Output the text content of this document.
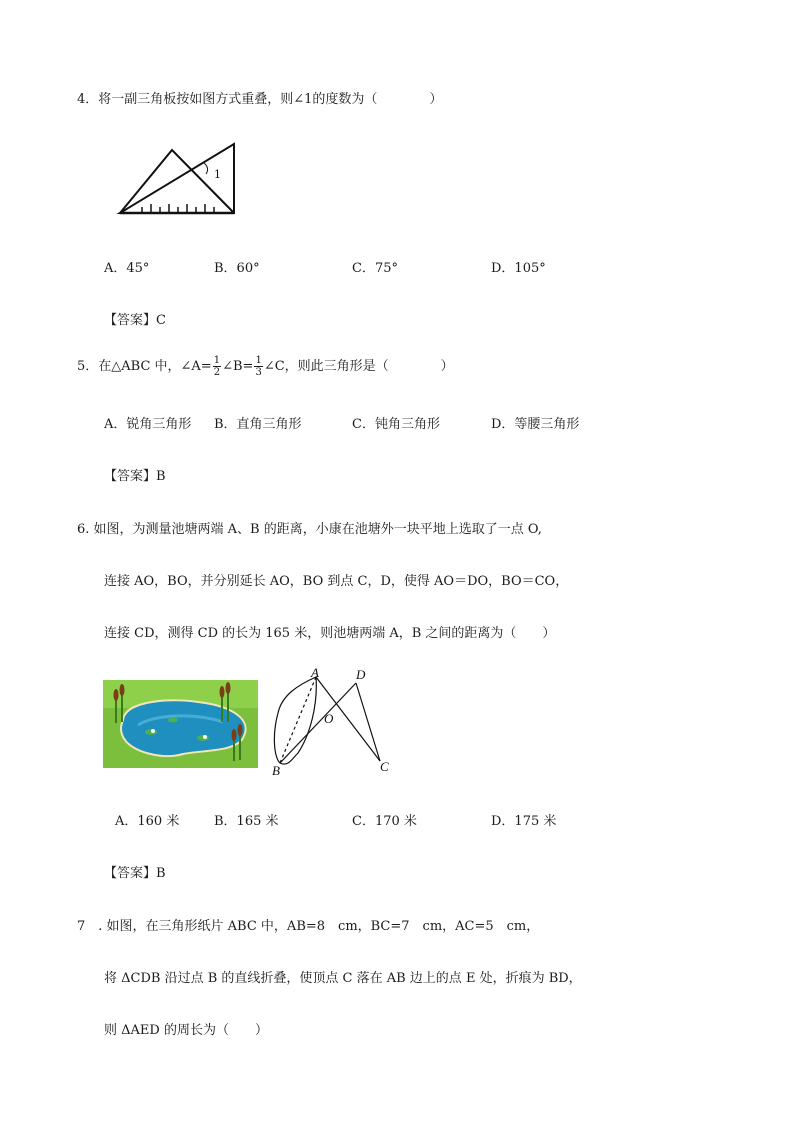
4．将一副三角板按如图方式重叠，则∠1的度数为（　　　　）
1
A．45°	B．60°	C．75°	D．105°
【答案】C
5．在△ABC 中，∠A= $\frac{1}{2}$ ∠B= $\frac{1}{3}$ ∠C，则此三角形是（　　　　）
A．锐角三角形 B．直角三角形	C．钝角三角形	D．等腰三角形
【答案】B
6. 如图，为测量池塘两端 A、B 的距离，小康在池塘外一块平地上选取了一点 O,
连接 AO，BO，并分别延长 AO，BO 到点 C，D，使得 AO＝DO，BO＝CO，
连接 CD，测得 CD 的长为 165 米，则池塘两端 A，B 之间的距离为（　　）
A	D
O
B	C
A．160 米	B．165 米	C．170 米	D．175 米
【答案】B
7　. 如图，在三角形纸片 ABC 中，AB=8　cm，BC=7　cm，AC=5　cm，
将 ΔCDB 沿过点 B 的直线折叠，使顶点 C 落在 AB 边上的点 E 处，折痕为 BD，
则 ΔAED 的周长为（　　）
